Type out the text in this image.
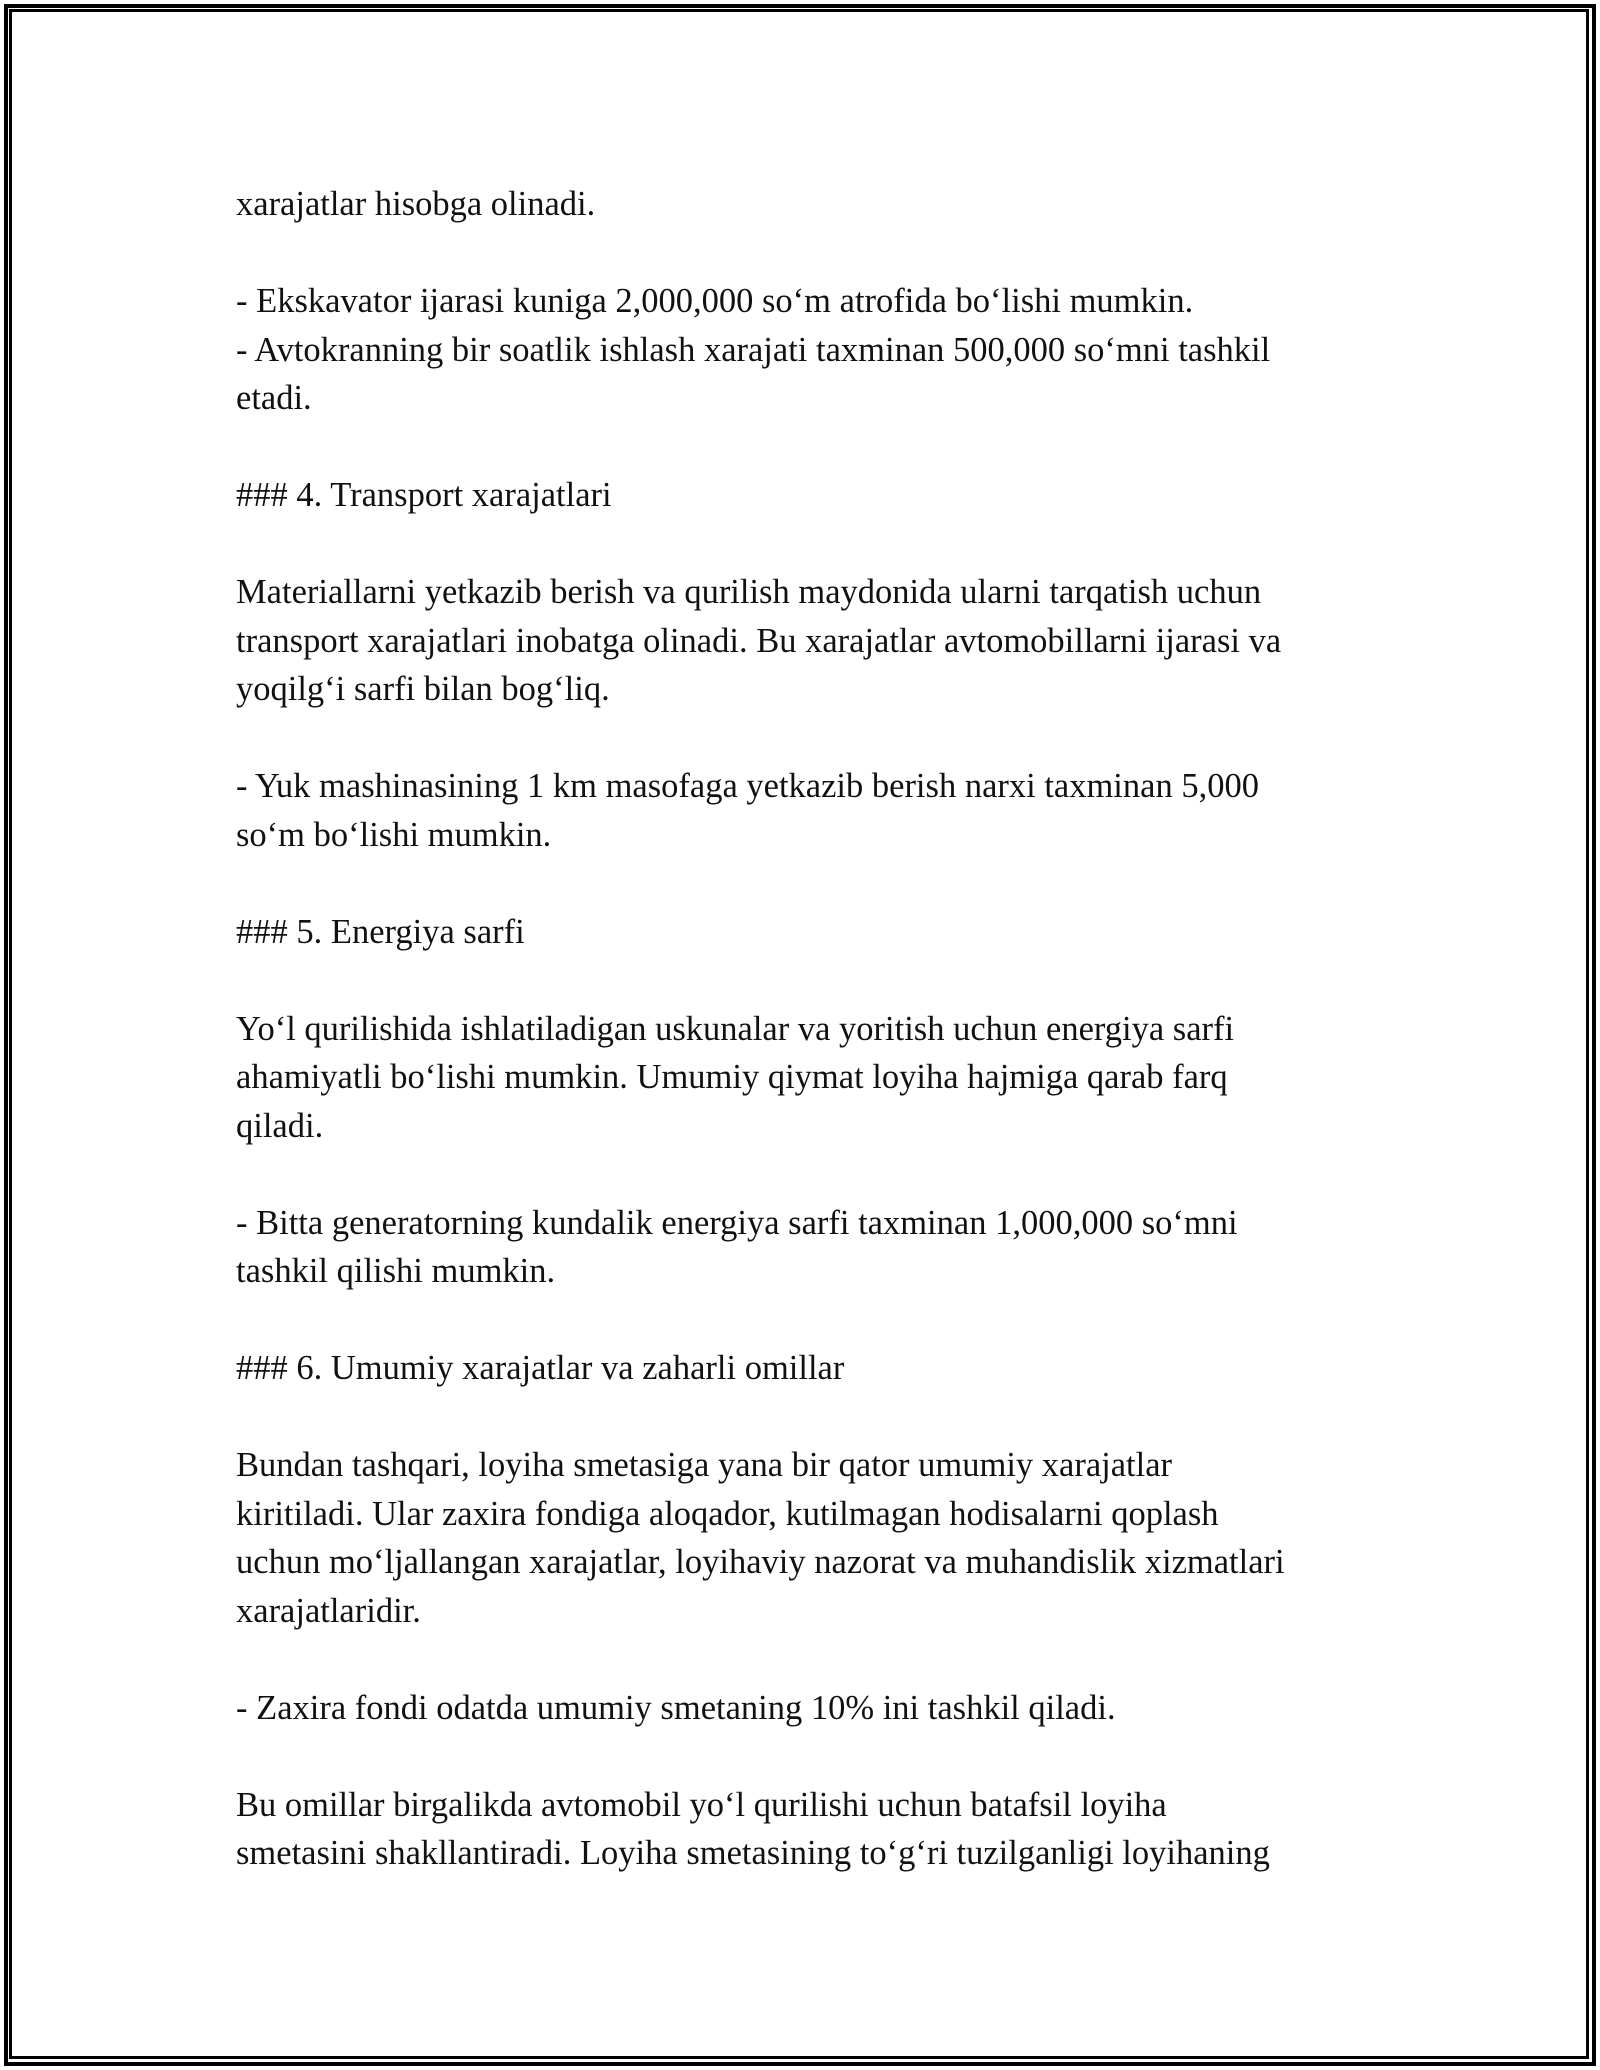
xarajatlar hisobga olinadi.
- Ekskavator ijarasi kuniga 2,000,000 so‘m atrofida bo‘lishi mumkin.
- Avtokranning bir soatlik ishlash xarajati taxminan 500,000 so‘mni tashkil
etadi.
### 4. Transport xarajatlari
Materiallarni yetkazib berish va qurilish maydonida ularni tarqatish uchun
transport xarajatlari inobatga olinadi. Bu xarajatlar avtomobillarni ijarasi va
yoqilg‘i sarfi bilan bog‘liq.
- Yuk mashinasining 1 km masofaga yetkazib berish narxi taxminan 5,000
so‘m bo‘lishi mumkin.
### 5. Energiya sarfi
Yo‘l qurilishida ishlatiladigan uskunalar va yoritish uchun energiya sarfi
ahamiyatli bo‘lishi mumkin. Umumiy qiymat loyiha hajmiga qarab farq
qiladi.
- Bitta generatorning kundalik energiya sarfi taxminan 1,000,000 so‘mni
tashkil qilishi mumkin.
### 6. Umumiy xarajatlar va zaharli omillar
Bundan tashqari, loyiha smetasiga yana bir qator umumiy xarajatlar
kiritiladi. Ular zaxira fondiga aloqador, kutilmagan hodisalarni qoplash
uchun mo‘ljallangan xarajatlar, loyihaviy nazorat va muhandislik xizmatlari
xarajatlaridir.
- Zaxira fondi odatda umumiy smetaning 10% ini tashkil qiladi.
Bu omillar birgalikda avtomobil yo‘l qurilishi uchun batafsil loyiha
smetasini shakllantiradi. Loyiha smetasining to‘g‘ri tuzilganligi loyihaning
